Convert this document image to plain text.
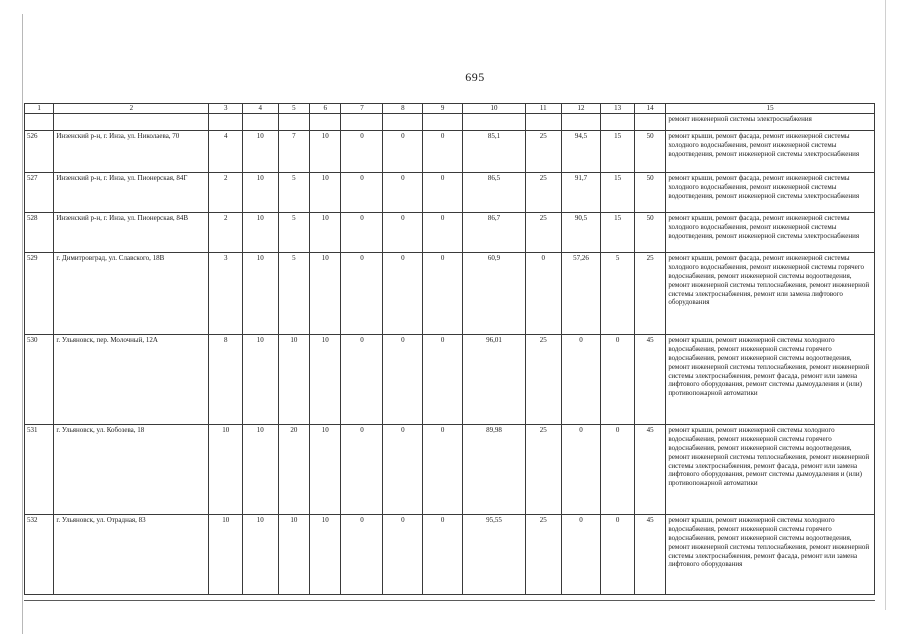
695
1	2	3	4	5	6	7	8	9	10	11	12	13	14	15
														ремонт инженерной системы электроснабжения
526	Инзенский р-н, г. Инза, ул. Николаева, 70	4	10	7	10	0	0	0	85,1	25	94,5	15	50	ремонт крыши, ремонт фасада, ремонт инженерной системы холодного водоснабжения, ремонт инженерной системы водоотведения, ремонт инженерной системы электроснабжения
527	Инзенский р-н, г. Инза, ул. Пионерская, 84Г	2	10	5	10	0	0	0	86,5	25	91,7	15	50	ремонт крыши, ремонт фасада, ремонт инженерной системы холодного водоснабжения, ремонт инженерной системы водоотведения, ремонт инженерной системы электроснабжения
528	Инзенский р-н, г. Инза, ул. Пионерская, 84В	2	10	5	10	0	0	0	86,7	25	90,5	15	50	ремонт крыши, ремонт фасада, ремонт инженерной системы холодного водоснабжения, ремонт инженерной системы водоотведения, ремонт инженерной системы электроснабжения
529	г. Димитровград, ул. Славского, 18В	3	10	5	10	0	0	0	60,9	0	57,26	5	25	ремонт крыши, ремонт фасада, ремонт инженерной системы холодного водоснабжения, ремонт инженерной системы горячего водоснабжения, ремонт инженерной системы водоотведения, ремонт инженерной системы теплоснабжения, ремонт инженерной системы электроснабжения, ремонт или замена лифтового оборудования
530	г. Ульяновск, пер. Молочный, 12А	8	10	10	10	0	0	0	96,01	25	0	0	45	ремонт крыши, ремонт инженерной системы холодного водоснабжения, ремонт инженерной системы горячего водоснабжения, ремонт инженерной системы водоотведения, ремонт инженерной системы теплоснабжения, ремонт инженерной системы электроснабжения, ремонт фасада, ремонт или замена лифтового оборудования, ремонт системы дымоудаления и (или) противопожарной автоматики
531	г. Ульяновск, ул. Кобозева, 18	10	10	20	10	0	0	0	89,98	25	0	0	45	ремонт крыши, ремонт инженерной системы холодного водоснабжения, ремонт инженерной системы горячего водоснабжения, ремонт инженерной системы водоотведения, ремонт инженерной системы теплоснабжения, ремонт инженерной системы электроснабжения, ремонт фасада, ремонт или замена лифтового оборудования, ремонт системы дымоудаления и (или) противопожарной автоматики
532	г. Ульяновск, ул. Отрадная, 83	10	10	10	10	0	0	0	95,55	25	0	0	45	ремонт крыши, ремонт инженерной системы холодного водоснабжения, ремонт инженерной системы горячего водоснабжения, ремонт инженерной системы водоотведения, ремонт инженерной системы теплоснабжения, ремонт инженерной системы электроснабжения, ремонт фасада, ремонт или замена лифтового оборудования
